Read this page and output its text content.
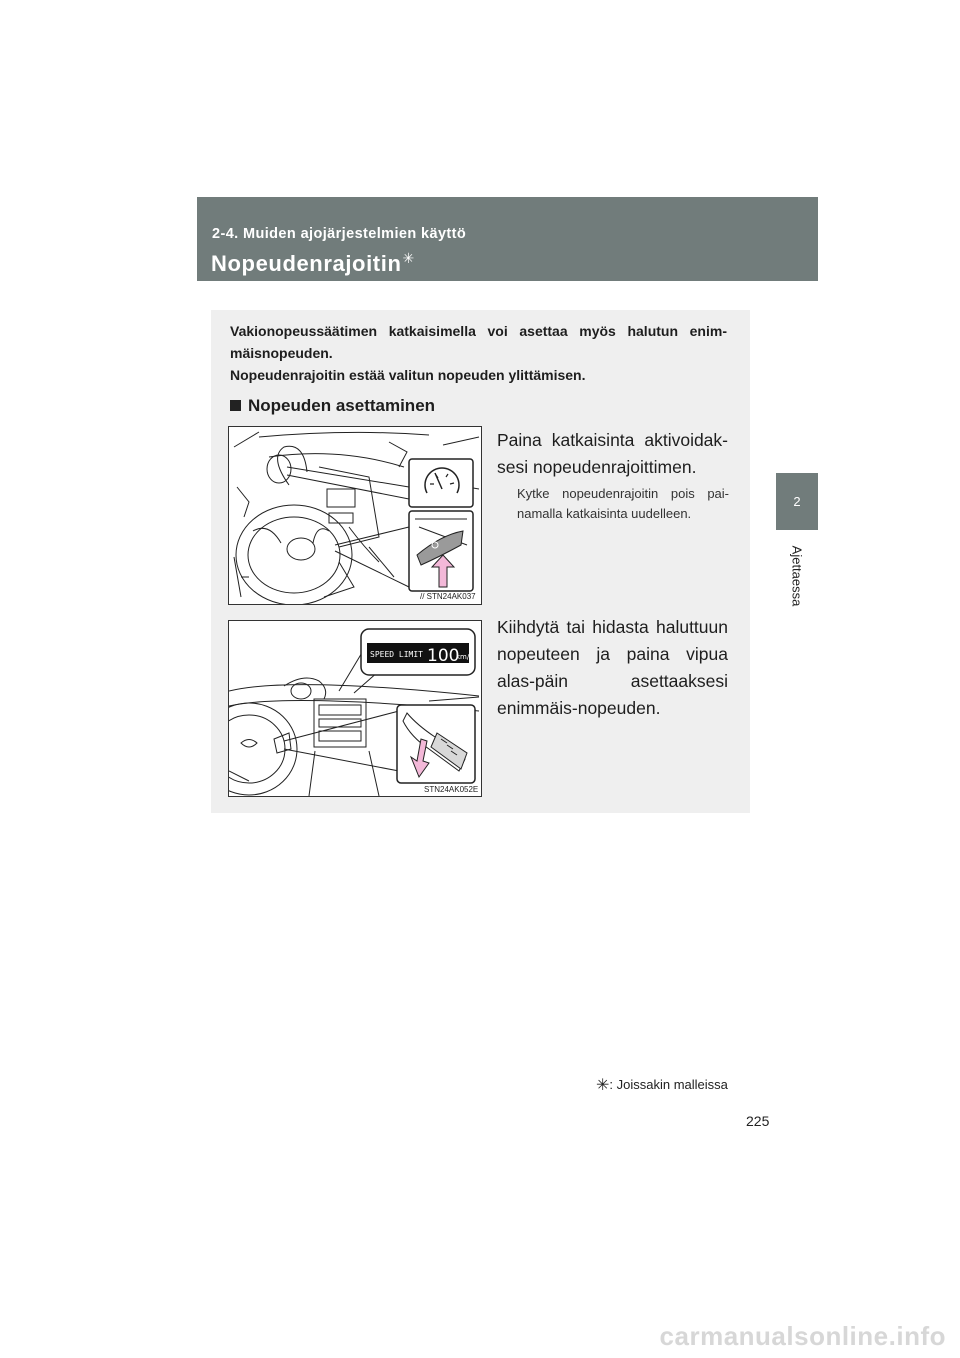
2-4. Muiden ajojärjestelmien käyttö
Nopeudenrajoitin✳
2
Ajettaessa

Vakionopeussäätimen katkaisimella voi asettaa myös halutun enim-

mäisnopeuden.

Nopeudenrajoitin estää valitun nopeuden ylittämisen.

Nopeuden asettaminen
// STN24AK037
Paina katkaisinta aktivoidak-sesi nopeudenrajoittimen.
Kytke nopeudenrajoitin pois pai-namalla katkaisinta uudelleen.
SPEED LIMIT 100
km/h
STN24AK052E
Kiihdytä tai hidasta haluttuun nopeuteen ja paina vipua alas-päin asettaaksesi enimmäis-nopeuden.
✳: Joissakin malleissa
225
carmanualsonline.info
